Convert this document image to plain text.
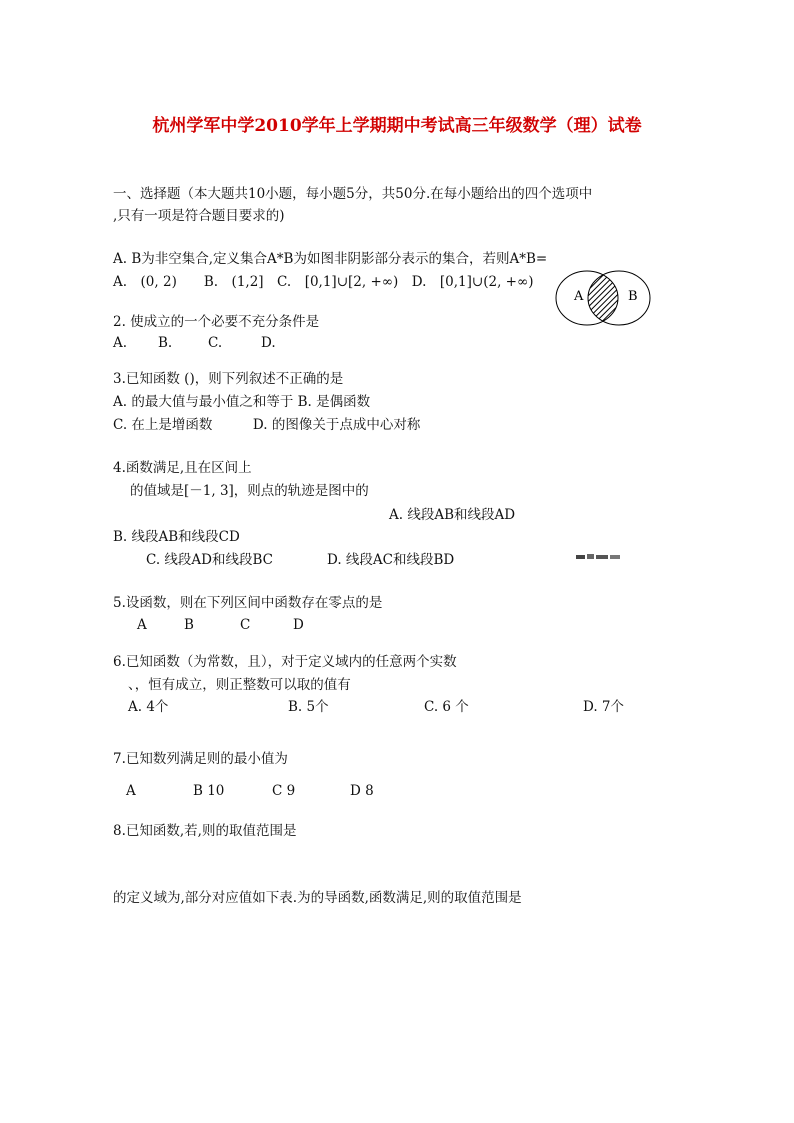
杭州学军中学2010学年上学期期中考试高三年级数学（理）试卷
一、选择题（本大题共10小题，每小题5分，共50分.在每小题给出的四个选项中
,只有一项是符合题目要求的)
A. B为非空集合,定义集合A*B为如图非阴影部分表示的集合，若则A*B=
A.　(0, 2)　　B.　(1,2]　C.　[0,1]∪[2, +∞)　D.　[0,1]∪(2, +∞)
A	B
2. 使成立的一个必要不充分条件是
A. B.	C.	D.
3.已知函数 ()，则下列叙述不正确的是
A. 的最大值与最小值之和等于 B. 是偶函数
C. 在上是增函数　　　D. 的图像关于点成中心对称
4.函数满足,且在区间上
的值域是[－1, 3]，则点的轨迹是图中的
A. 线段AB和线段AD
B. 线段AB和线段CD
C. 线段AD和线段BC　　　　D. 线段AC和线段BD
5.设函数，则在下列区间中函数存在零点的是
A	B	C	D
6.已知函数（为常数，且），对于定义域内的任意两个实数
、，恒有成立，则正整数可以取的值有
A. 4个	B. 5个	C. 6 个	D. 7个
7.已知数列满足则的最小值为
A	B 10	C 9	D 8
8.已知函数,若,则的取值范围是
的定义域为,部分对应值如下表.为的导函数,函数满足,则的取值范围是
